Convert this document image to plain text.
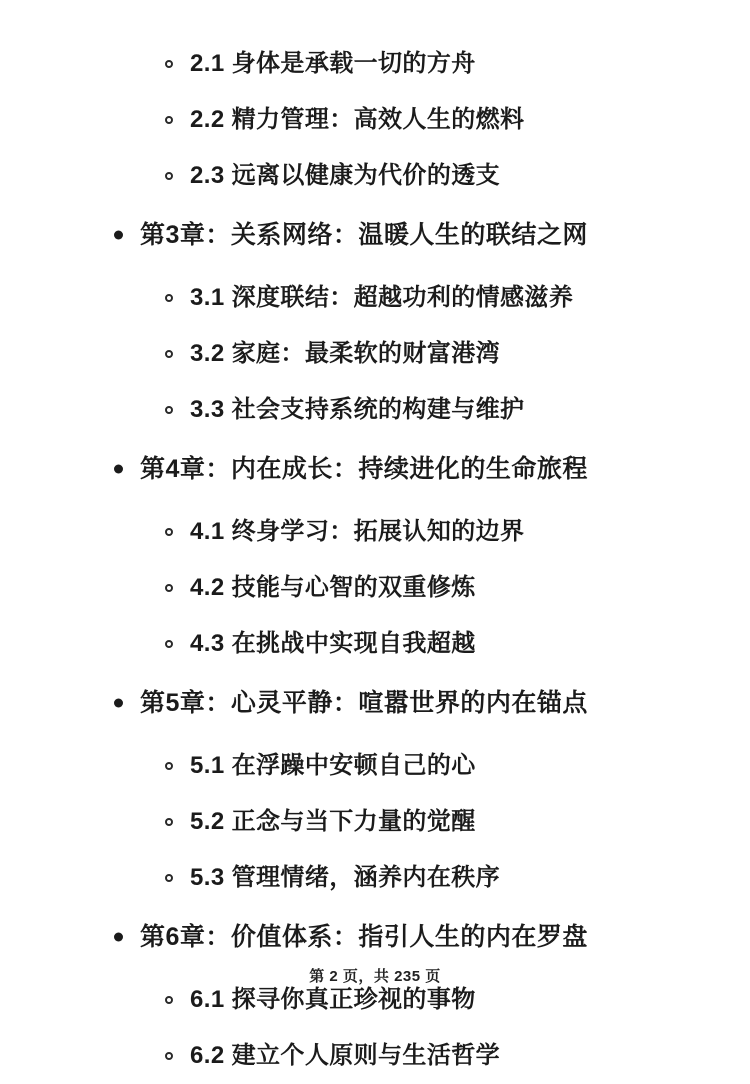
2.1 身体是承载一切的方舟
2.2 精力管理：高效人生的燃料
2.3 远离以健康为代价的透支
第3章：关系网络：温暖人生的联结之网
3.1 深度联结：超越功利的情感滋养
3.2 家庭：最柔软的财富港湾
3.3 社会支持系统的构建与维护
第4章：内在成长：持续进化的生命旅程
4.1 终身学习：拓展认知的边界
4.2 技能与心智的双重修炼
4.3 在挑战中实现自我超越
第5章：心灵平静：喧嚣世界的内在锚点
5.1 在浮躁中安顿自己的心
5.2 正念与当下力量的觉醒
5.3 管理情绪，涵养内在秩序
第6章：价值体系：指引人生的内在罗盘
6.1 探寻你真正珍视的事物
6.2 建立个人原则与生活哲学
第 2 页，共 235 页
